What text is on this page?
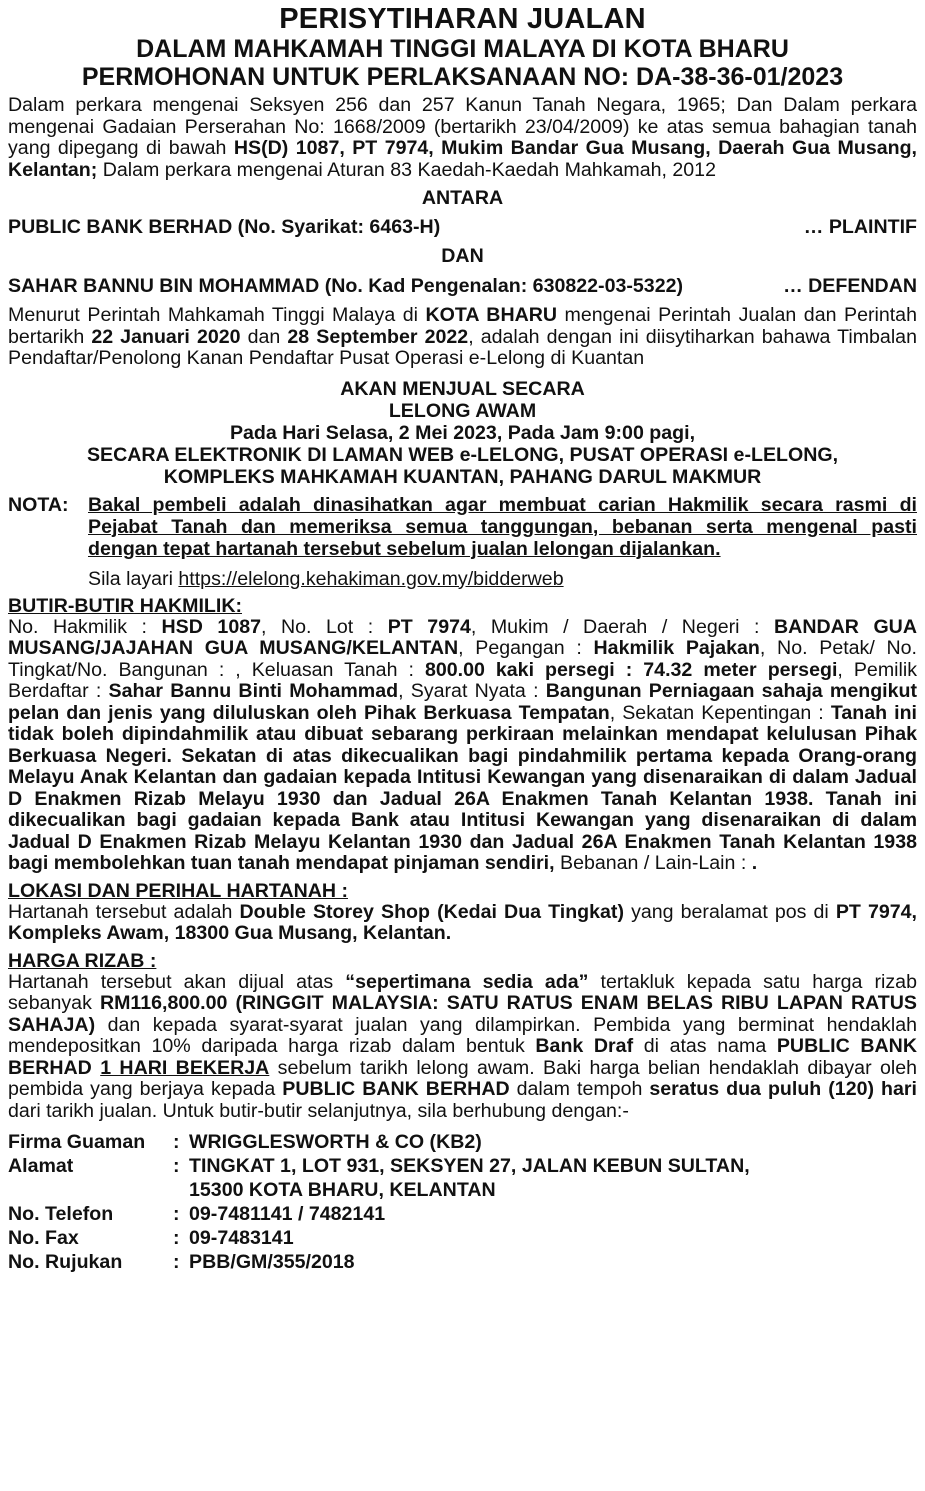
PERISYTIHARAN JUALAN

DALAM MAHKAMAH TINGGI MALAYA DI KOTA BHARU

PERMOHONAN UNTUK PERLAKSANAAN NO: DA-38-36-01/2023

Dalam perkara mengenai Seksyen 256 dan 257 Kanun Tanah Negara, 1965; Dan Dalam perkara mengenai Gadaian Perserahan No: 1668/2009 (bertarikh 23/04/2009) ke atas semua bahagian tanah yang dipegang di bawah HS(D) 1087, PT 7974, Mukim Bandar Gua Musang, Daerah Gua Musang, Kelantan; Dalam perkara mengenai Aturan 83 Kaedah-Kaedah Mahkamah, 2012

ANTARA

PUBLIC BANK BERHAD (No. Syarikat: 6463-H)	… PLAINTIF

DAN

SAHAR BANNU BIN MOHAMMAD (No. Kad Pengenalan: 630822-03-5322)	… DEFENDAN

Menurut Perintah Mahkamah Tinggi Malaya di KOTA BHARU mengenai Perintah Jualan dan Perintah bertarikh 22 Januari 2020 dan 28 September 2022, adalah dengan ini diisytiharkan bahawa Timbalan Pendaftar/Penolong Kanan Pendaftar Pusat Operasi e-Lelong di Kuantan

AKAN MENJUAL SECARA

LELONG AWAM

Pada Hari Selasa, 2 Mei 2023, Pada Jam 9:00 pagi,

SECARA ELEKTRONIK DI LAMAN WEB e-LELONG, PUSAT OPERASI e-LELONG,

KOMPLEKS MAHKAMAH KUANTAN, PAHANG DARUL MAKMUR

NOTA: Bakal pembeli adalah dinasihatkan agar membuat carian Hakmilik secara rasmi di Pejabat Tanah dan memeriksa semua tanggungan, bebanan serta mengenal pasti dengan tepat hartanah tersebut sebelum jualan lelongan dijalankan.

Sila layari https://elelong.kehakiman.gov.my/bidderweb

BUTIR-BUTIR HAKMILIK:

No. Hakmilik : HSD 1087, No. Lot : PT 7974, Mukim / Daerah / Negeri : BANDAR GUA MUSANG/JAJAHAN GUA MUSANG/KELANTAN, Pegangan : Hakmilik Pajakan, No. Petak/ No. Tingkat/No. Bangunan : , Keluasan Tanah : 800.00 kaki persegi : 74.32 meter persegi, Pemilik Berdaftar : Sahar Bannu Binti Mohammad, Syarat Nyata : Bangunan Perniagaan sahaja mengikut pelan dan jenis yang diluluskan oleh Pihak Berkuasa Tempatan, Sekatan Kepentingan : Tanah ini tidak boleh dipindahmilik atau dibuat sebarang perkiraan melainkan mendapat kelulusan Pihak Berkuasa Negeri. Sekatan di atas dikecualikan bagi pindahmilik pertama kepada Orang-orang Melayu Anak Kelantan dan gadaian kepada Intitusi Kewangan yang disenaraikan di dalam Jadual D Enakmen Rizab Melayu 1930 dan Jadual 26A Enakmen Tanah Kelantan 1938. Tanah ini dikecualikan bagi gadaian kepada Bank atau Intitusi Kewangan yang disenaraikan di dalam Jadual D Enakmen Rizab Melayu Kelantan 1930 dan Jadual 26A Enakmen Tanah Kelantan 1938 bagi membolehkan tuan tanah mendapat pinjaman sendiri, Bebanan / Lain-Lain : .

LOKASI DAN PERIHAL HARTANAH :

Hartanah tersebut adalah Double Storey Shop (Kedai Dua Tingkat) yang beralamat pos di PT 7974, Kompleks Awam, 18300 Gua Musang, Kelantan.

HARGA RIZAB :

Hartanah tersebut akan dijual atas “sepertimana sedia ada” tertakluk kepada satu harga rizab sebanyak RM116,800.00 (RINGGIT MALAYSIA: SATU RATUS ENAM BELAS RIBU LAPAN RATUS SAHAJA) dan kepada syarat-syarat jualan yang dilampirkan. Pembida yang berminat hendaklah mendepositkan 10% daripada harga rizab dalam bentuk Bank Draf di atas nama PUBLIC BANK BERHAD 1 HARI BEKERJA sebelum tarikh lelong awam. Baki harga belian hendaklah dibayar oleh pembida yang berjaya kepada PUBLIC BANK BERHAD dalam tempoh seratus dua puluh (120) hari dari tarikh jualan. Untuk butir-butir selanjutnya, sila berhubung dengan:-

Firma Guaman	: WRIGGLESWORTH & CO (KB2)
Alamat	: TINGKAT 1, LOT 931, SEKSYEN 27, JALAN KEBUN SULTAN,
15300 KOTA BHARU, KELANTAN
No. Telefon	: 09-7481141 / 7482141
No. Fax	: 09-7483141
No. Rujukan	: PBB/GM/355/2018
